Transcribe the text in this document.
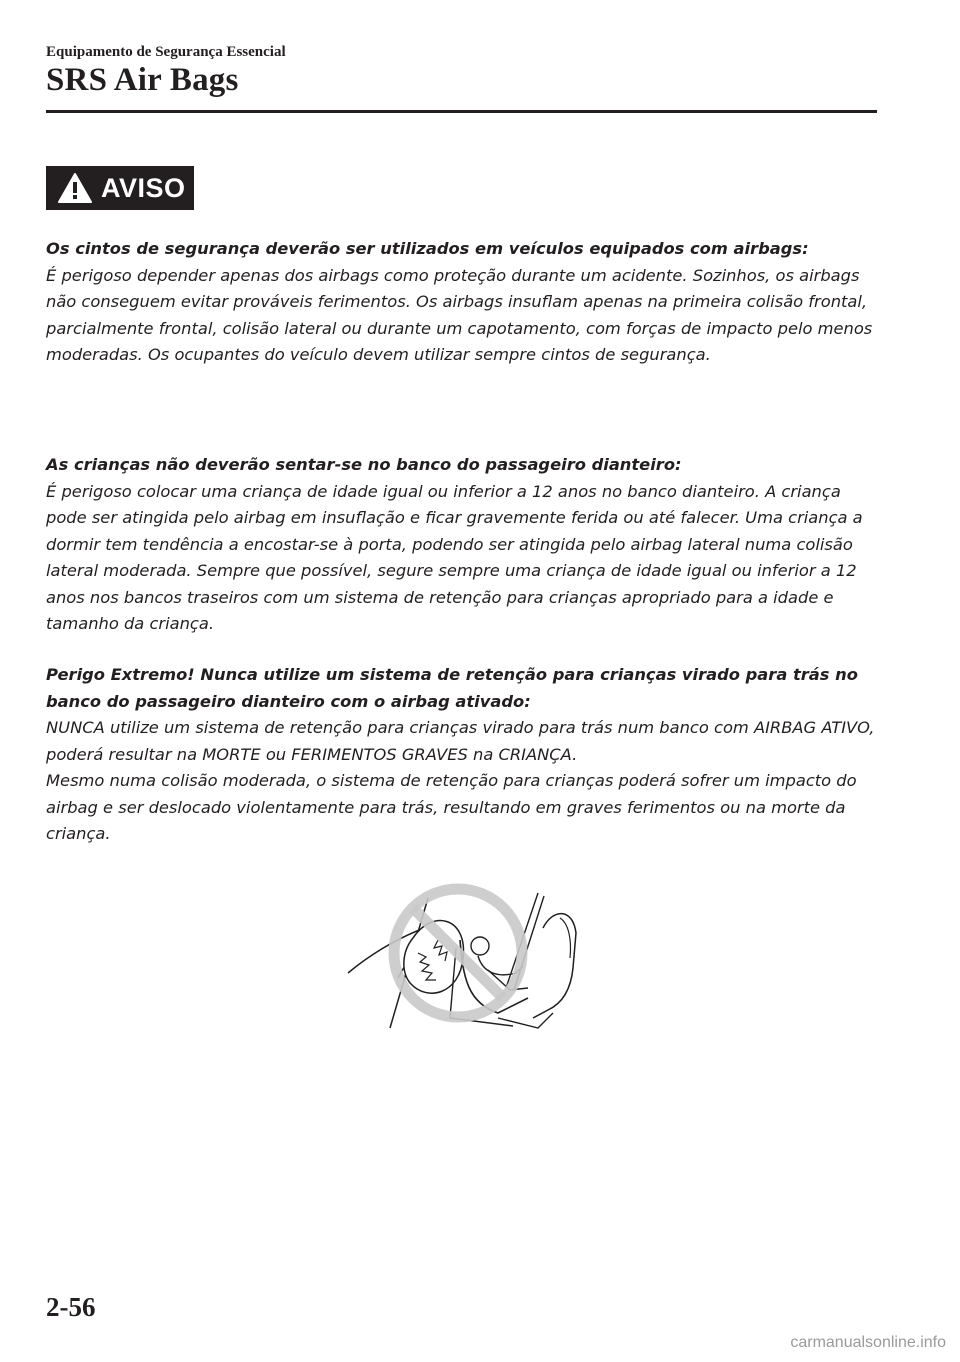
Equipamento de Segurança Essencial
SRS Air Bags
AVISO

Os cintos de segurança deverão ser utilizados em veículos equipados com airbags:

É perigoso depender apenas dos airbags como proteção durante um acidente. Sozinhos, os airbags não conseguem evitar prováveis ferimentos. Os airbags insuflam apenas na primeira colisão frontal, parcialmente frontal, colisão lateral ou durante um capotamento, com forças de impacto pelo menos moderadas. Os ocupantes do veículo devem utilizar sempre cintos de segurança.

As crianças não deverão sentar-se no banco do passageiro dianteiro:

É perigoso colocar uma criança de idade igual ou inferior a 12 anos no banco dianteiro. A criança pode ser atingida pelo airbag em insuflação e ficar gravemente ferida ou até falecer. Uma criança a dormir tem tendência a encostar-se à porta, podendo ser atingida pelo airbag lateral numa colisão lateral moderada. Sempre que possível, segure sempre uma criança de idade igual ou inferior a 12 anos nos bancos traseiros com um sistema de retenção para crianças apropriado para a idade e tamanho da criança.

Perigo Extremo! Nunca utilize um sistema de retenção para crianças virado para trás no banco do passageiro dianteiro com o airbag ativado:

NUNCA utilize um sistema de retenção para crianças virado para trás num banco com AIRBAG ATIVO, poderá resultar na MORTE ou FERIMENTOS GRAVES na CRIANÇA.

Mesmo numa colisão moderada, o sistema de retenção para crianças poderá sofrer um impacto do airbag e ser deslocado violentamente para trás, resultando em graves ferimentos ou na morte da criança.

2-56
carmanualsonline.info
